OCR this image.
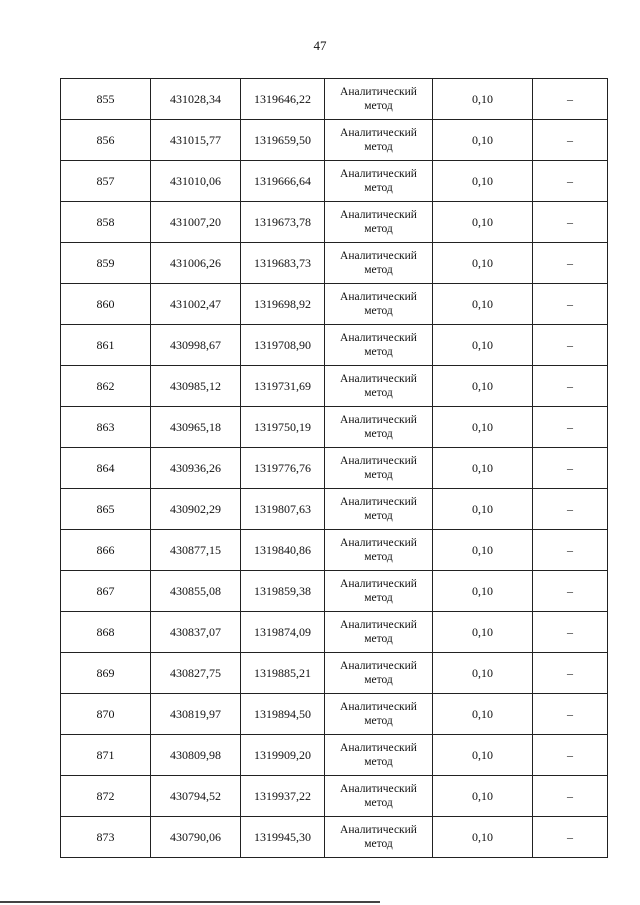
47
855	431028,34	1319646,22	Аналитический метод	0,10	–
856	431015,77	1319659,50	Аналитический метод	0,10	–
857	431010,06	1319666,64	Аналитический метод	0,10	–
858	431007,20	1319673,78	Аналитический метод	0,10	–
859	431006,26	1319683,73	Аналитический метод	0,10	–
860	431002,47	1319698,92	Аналитический метод	0,10	–
861	430998,67	1319708,90	Аналитический метод	0,10	–
862	430985,12	1319731,69	Аналитический метод	0,10	–
863	430965,18	1319750,19	Аналитический метод	0,10	–
864	430936,26	1319776,76	Аналитический метод	0,10	–
865	430902,29	1319807,63	Аналитический метод	0,10	–
866	430877,15	1319840,86	Аналитический метод	0,10	–
867	430855,08	1319859,38	Аналитический метод	0,10	–
868	430837,07	1319874,09	Аналитический метод	0,10	–
869	430827,75	1319885,21	Аналитический метод	0,10	–
870	430819,97	1319894,50	Аналитический метод	0,10	–
871	430809,98	1319909,20	Аналитический метод	0,10	–
872	430794,52	1319937,22	Аналитический метод	0,10	–
873	430790,06	1319945,30	Аналитический метод	0,10	–
